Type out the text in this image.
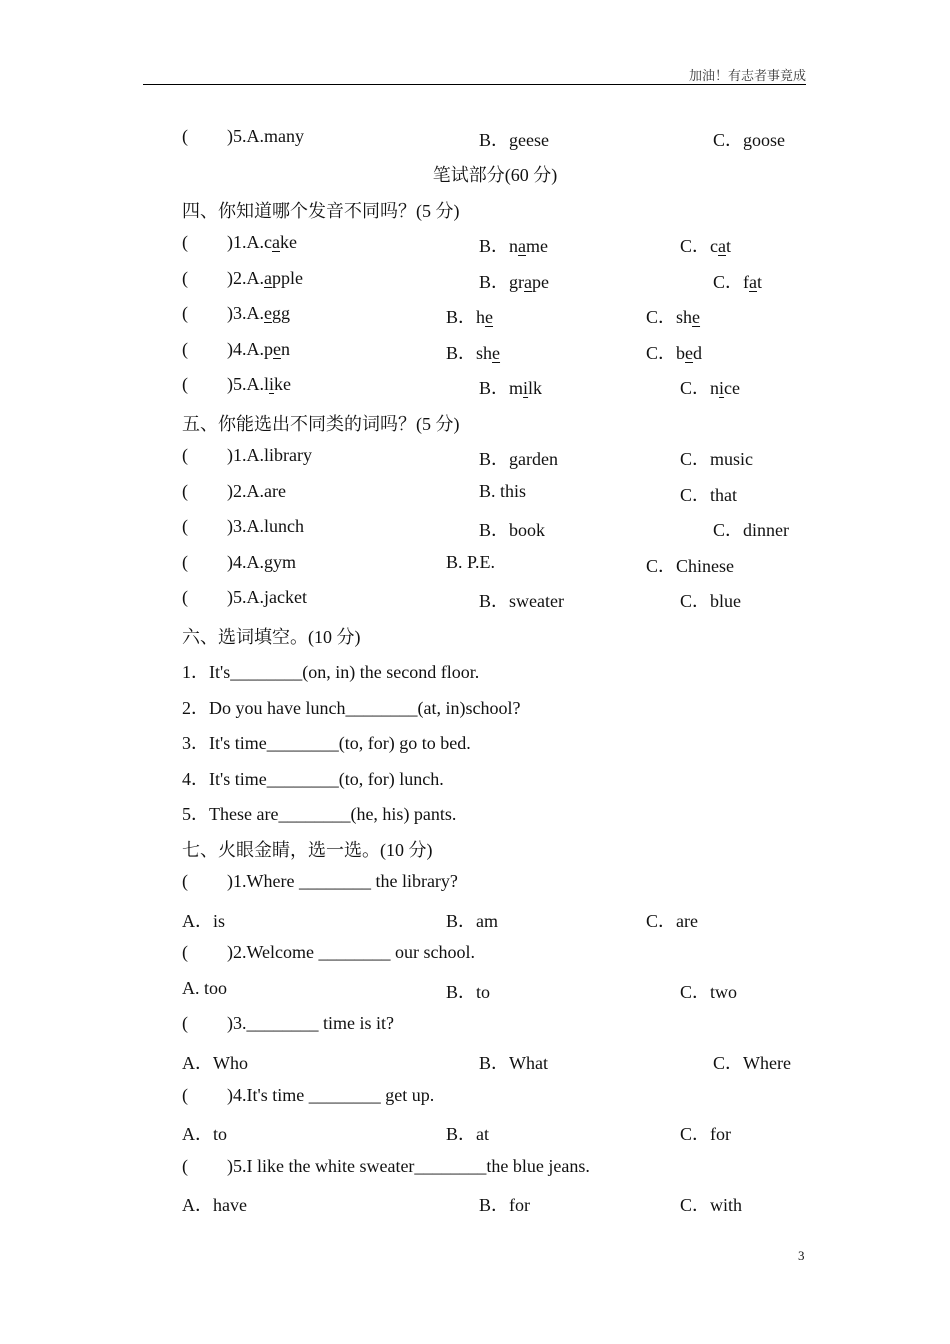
加油！有志者事竟成
( )5.A.many	B．geese	C．goose
笔试部分(60 分)
四、你知道哪个发音不同吗？(5 分)
( )1.A.cake	B．name	C．cat
( )2.A.apple	B．grape	C．fat
( )3.A.egg	B．he	C．she
( )4.A.pen	B．she	C．bed
( )5.A.like	B．milk	C．nice
五、你能选出不同类的词吗？(5 分)
( )1.A.library	B．garden	C．music
( )2.A.are	B. this	C．that
( )3.A.lunch	B．book	C．dinner
( )4.A.gym	B. P.E.	C．Chinese
( )5.A.jacket	B．sweater	C．blue
六、选词填空。(10 分)
1．It's________(on, in) the second floor.
2．Do you have lunch________(at, in)school?
3．It's time________(to, for) go to bed.
4．It's time________(to, for) lunch.
5．These are________(he, his) pants.
七、火眼金睛，选一选。(10 分)
( )1.Where ________ the library?
A．is	B．am	C．are
( )2.Welcome ________ our school.
A. too	B．to	C．two
( )3.________ time is it?
A．Who	B．What	C．Where
( )4.It's time ________ get up.
A．to	B．at	C．for
( )5.I like the white sweater________the blue jeans.
A．have	B．for	C．with
3
